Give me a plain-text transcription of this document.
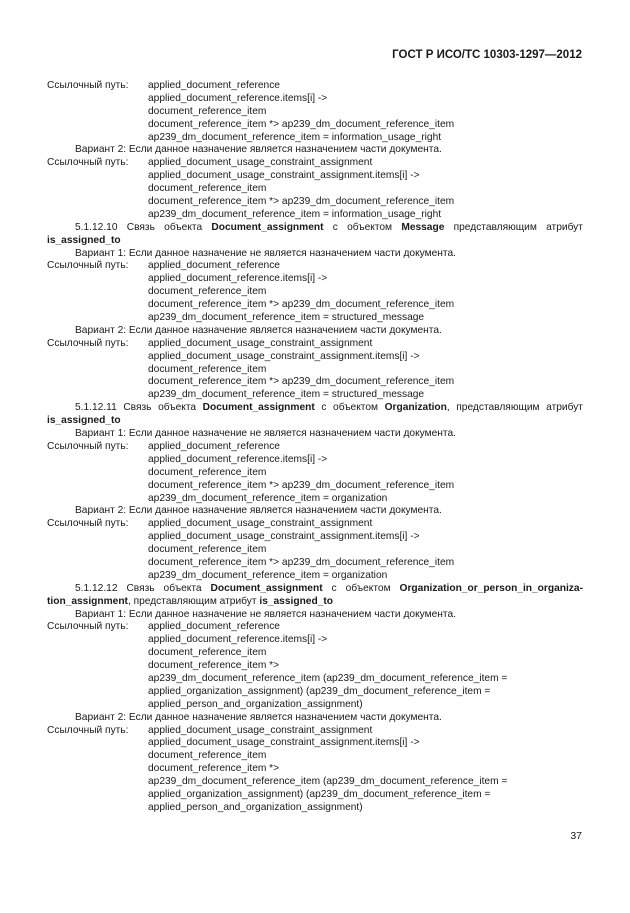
ГОСТ Р ИСО/ТС 10303-1297—2012
Ссылочный путь: applied_document_reference
applied_document_reference.items[i] ->
document_reference_item
document_reference_item *> ap239_dm_document_reference_item
ap239_dm_document_reference_item = information_usage_right
Вариант 2: Если данное назначение является назначением части документа.
Ссылочный путь: applied_document_usage_constraint_assignment
applied_document_usage_constraint_assignment.items[i] ->
document_reference_item
document_reference_item *> ap239_dm_document_reference_item
ap239_dm_document_reference_item = information_usage_right
5.1.12.10 Связь объекта Document_assignment с объектом Message представляющим атрибут
is_assigned_to
Вариант 1: Если данное назначение не является назначением части документа.
Ссылочный путь: applied_document_reference
applied_document_reference.items[i] ->
document_reference_item
document_reference_item *> ap239_dm_document_reference_item
ap239_dm_document_reference_item = structured_message
Вариант 2: Если данное назначение является назначением части документа.
Ссылочный путь: applied_document_usage_constraint_assignment
applied_document_usage_constraint_assignment.items[i] ->
document_reference_item
document_reference_item *> ap239_dm_document_reference_item
ap239_dm_document_reference_item = structured_message
5.1.12.11 Связь объекта Document_assignment с объектом Organization, представляющим атрибут
is_assigned_to
Вариант 1: Если данное назначение не является назначением части документа.
Ссылочный путь: applied_document_reference
applied_document_reference.items[i] ->
document_reference_item
document_reference_item *> ap239_dm_document_reference_item
ap239_dm_document_reference_item = organization
Вариант 2: Если данное назначение является назначением части документа.
Ссылочный путь: applied_document_usage_constraint_assignment
applied_document_usage_constraint_assignment.items[i] ->
document_reference_item
document_reference_item *> ap239_dm_document_reference_item
ap239_dm_document_reference_item = organization
5.1.12.12 Связь объекта Document_assignment с объектом Organization_or_person_in_organiza-
tion_assignment, представляющим атрибут is_assigned_to
Вариант 1: Если данное назначение не является назначением части документа.
Ссылочный путь: applied_document_reference
applied_document_reference.items[i] ->
document_reference_item
document_reference_item *>
ap239_dm_document_reference_item (ap239_dm_document_reference_item =
applied_organization_assignment) (ap239_dm_document_reference_item =
applied_person_and_organization_assignment)
Вариант 2: Если данное назначение является назначением части документа.
Ссылочный путь: applied_document_usage_constraint_assignment
applied_document_usage_constraint_assignment.items[i] ->
document_reference_item
document_reference_item *>
ap239_dm_document_reference_item (ap239_dm_document_reference_item =
applied_organization_assignment) (ap239_dm_document_reference_item =
applied_person_and_organization_assignment)
37
